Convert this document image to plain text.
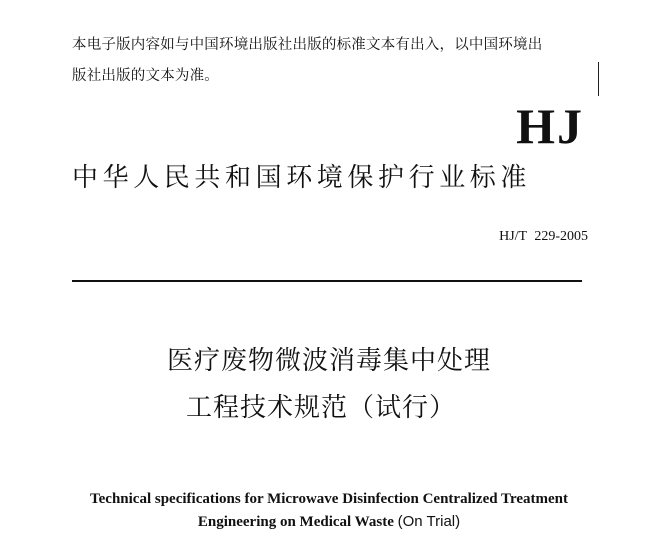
本电子版内容如与中国环境出版社出版的标准文本有出入，以中国环境出
版社出版的文本为准。
HJ
中华人民共和国环境保护行业标准
HJ/T 229-2005
医疗废物微波消毒集中处理
工程技术规范（试行）
Technical specifications for Microwave Disinfection Centralized Treatment
Engineering on Medical Waste (On Trial)
